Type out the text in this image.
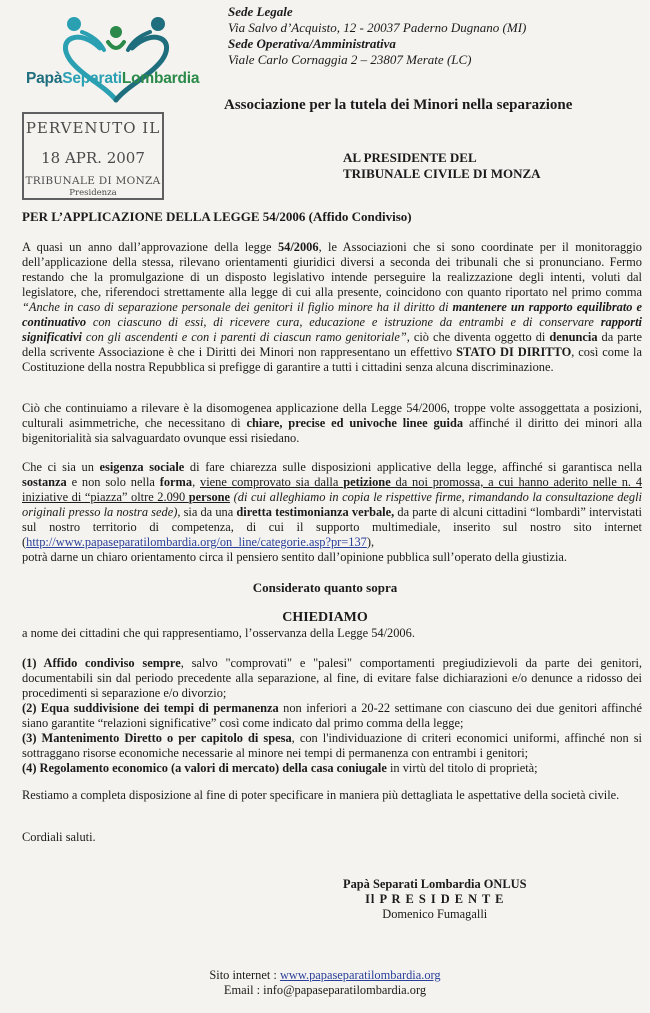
PapàSeparatiLombardia
Sede Legale
Via Salvo d’Acquisto, 12 - 20037 Paderno Dugnano (MI)
Sede Operativa/Amministrativa
Viale Carlo Cornaggia 2 – 23807 Merate (LC)
Associazione per la tutela dei Minori nella separazione
PERVENUTO IL
18 APR. 2007
TRIBUNALE DI MONZA
Presidenza
AL PRESIDENTE DEL
TRIBUNALE CIVILE DI MONZA
PER L’APPLICAZIONE DELLA LEGGE 54/2006 (Affido Condiviso)
A quasi un anno dall’approvazione della legge 54/2006, le Associazioni che si sono coordinate per il monitoraggio dell’applicazione della stessa, rilevano orientamenti giuridici diversi a seconda dei tribunali che si pronunciano. Fermo restando che la promulgazione di un disposto legislativo intende perseguire la realizzazione degli intenti, voluti dal legislatore, che, riferendoci strettamente alla legge di cui alla presente, coincidono con quanto riportato nel primo comma “Anche in caso di separazione personale dei genitori il figlio minore ha il diritto di mantenere un rapporto equilibrato e continuativo con ciascuno di essi, di ricevere cura, educazione e istruzione da entrambi e di conservare rapporti significativi con gli ascendenti e con i parenti di ciascun ramo genitoriale”, ciò che diventa oggetto di denuncia da parte della scrivente Associazione è che i Diritti dei Minori non rappresentano un effettivo STATO DI DIRITTO, così come la Costituzione della nostra Repubblica si prefigge di garantire a tutti i cittadini senza alcuna discriminazione.
Ciò che continuiamo a rilevare è la disomogenea applicazione della Legge 54/2006, troppe volte assoggettata a posizioni, culturali asimmetriche, che necessitano di chiare, precise ed univoche linee guida affinché il diritto dei minori alla bigenitorialità sia salvaguardato ovunque essi risiedano.
Che ci sia un esigenza sociale di fare chiarezza sulle disposizioni applicative della legge, affinché si garantisca nella sostanza e non solo nella forma, viene comprovato sia dalla petizione da noi promossa, a cui hanno aderito nelle n. 4 iniziative di “piazza” oltre 2.090 persone (di cui alleghiamo in copia le rispettive firme, rimandando la consultazione degli originali presso la nostra sede), sia da una diretta testimonianza verbale, da parte di alcuni cittadini “lombardi” intervistati sul nostro territorio di competenza, di cui il supporto multimediale, inserito sul nostro sito internet (http://www.papaseparatilombardia.org/on_line/categorie.asp?pr=137),
potrà darne un chiaro orientamento circa il pensiero sentito dall’opinione pubblica sull’operato della giustizia.
Considerato quanto sopra
CHIEDIAMO
a nome dei cittadini che qui rappresentiamo, l’osservanza della Legge 54/2006.
(1) Affido condiviso sempre, salvo "comprovati" e "palesi" comportamenti pregiudizievoli da parte dei genitori, documentabili sin dal periodo precedente alla separazione, al fine, di evitare false dichiarazioni e/o denunce a ridosso dei procedimenti si separazione e/o divorzio;
(2) Equa suddivisione dei tempi di permanenza non inferiori a 20-22 settimane con ciascuno dei due genitori affinché siano garantite “relazioni significative” così come indicato dal primo comma della legge;
(3) Mantenimento Diretto o per capitolo di spesa, con l'individuazione di criteri economici uniformi, affinché non si sottraggano risorse economiche necessarie al minore nei tempi di permanenza con entrambi i genitori;
(4) Regolamento economico (a valori di mercato) della casa coniugale in virtù del titolo di proprietà;
Restiamo a completa disposizione al fine di poter specificare in maniera più dettagliata le aspettative della società civile.
Cordiali saluti.
Papà Separati Lombardia ONLUS
Il P R E S I D E N T E
Domenico Fumagalli
Sito internet : www.papaseparatilombardia.org
Email : info@papaseparatilombardia.org
